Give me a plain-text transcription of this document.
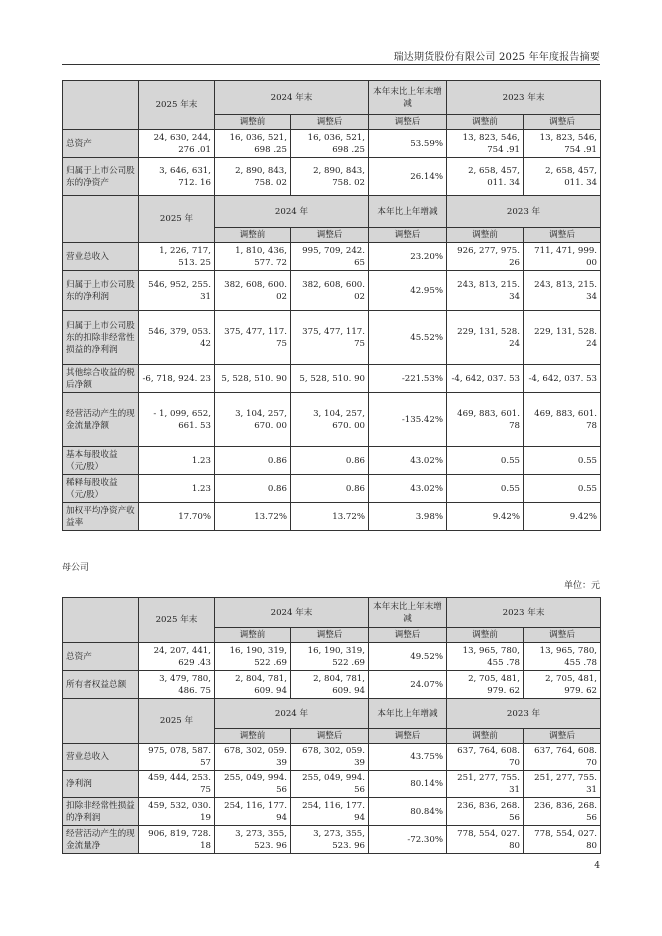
瑞达期货股份有限公司 2025 年年度报告摘要
	2025 年末	2024 年末		本年末比上年末增减	2023 年末	
		调整前	调整后	调整后	调整前	调整后
总资产	24, 630, 244, 276 .01	16, 036, 521, 698 .25	16, 036, 521, 698 .25	53.59%	13, 823, 546, 754 .91	13, 823, 546, 754 .91
归属于上市公司股东的净资产	3, 646, 631, 712. 16	2, 890, 843, 758. 02	2, 890, 843, 758. 02	26.14%	2, 658, 457, 011. 34	2, 658, 457, 011. 34
	2025 年	2024 年		本年比上年增减	2023 年	
		调整前	调整后	调整后	调整前	调整后
营业总收入	1, 226, 717, 513. 25	1, 810, 436, 577. 72	995, 709, 242. 65	23.20%	926, 277, 975. 26	711, 471, 999. 00
归属于上市公司股东的净利润	546, 952, 255. 31	382, 608, 600. 02	382, 608, 600. 02	42.95%	243, 813, 215. 34	243, 813, 215. 34
归属于上市公司股东的扣除非经常性损益的净利润	546, 379, 053. 42	375, 477, 117. 75	375, 477, 117. 75	45.52%	229, 131, 528. 24	229, 131, 528. 24
其他综合收益的税后净额	-6, 718, 924. 23	5, 528, 510. 90	5, 528, 510. 90	-221.53%	-4, 642, 037. 53	-4, 642, 037. 53
经营活动产生的现金流量净额	- 1, 099, 652, 661. 53	3, 104, 257, 670. 00	3, 104, 257, 670. 00	-135.42%	469, 883, 601. 78	469, 883, 601. 78
基本每股收益（元/股）	1.23	0.86	0.86	43.02%	0.55	0.55
稀释每股收益（元/股）	1.23	0.86	0.86	43.02%	0.55	0.55
加权平均净资产收益率	17.70%	13.72%	13.72%	3.98%	9.42%	9.42%
母公司
单位：元
	2025 年末	2024 年末		本年末比上年末增减	2023 年末	
		调整前	调整后	调整后	调整前	调整后
总资产	24, 207, 441, 629 .43	16, 190, 319, 522 .69	16, 190, 319, 522 .69	49.52%	13, 965, 780, 455 .78	13, 965, 780, 455 .78
所有者权益总额	3, 479, 780, 486. 75	2, 804, 781, 609. 94	2, 804, 781, 609. 94	24.07%	2, 705, 481, 979. 62	2, 705, 481, 979. 62
	2025 年	2024 年		本年比上年增减	2023 年	
		调整前	调整后	调整后	调整前	调整后
营业总收入	975, 078, 587. 57	678, 302, 059. 39	678, 302, 059. 39	43.75%	637, 764, 608. 70	637, 764, 608. 70
净利润	459, 444, 253. 75	255, 049, 994. 56	255, 049, 994. 56	80.14%	251, 277, 755. 31	251, 277, 755. 31
扣除非经常性损益的净利润	459, 532, 030. 19	254, 116, 177. 94	254, 116, 177. 94	80.84%	236, 836, 268. 56	236, 836, 268. 56
经营活动产生的现金流量净	906, 819, 728. 18	3, 273, 355, 523. 96	3, 273, 355, 523. 96	-72.30%	778, 554, 027. 80	778, 554, 027. 80
4
